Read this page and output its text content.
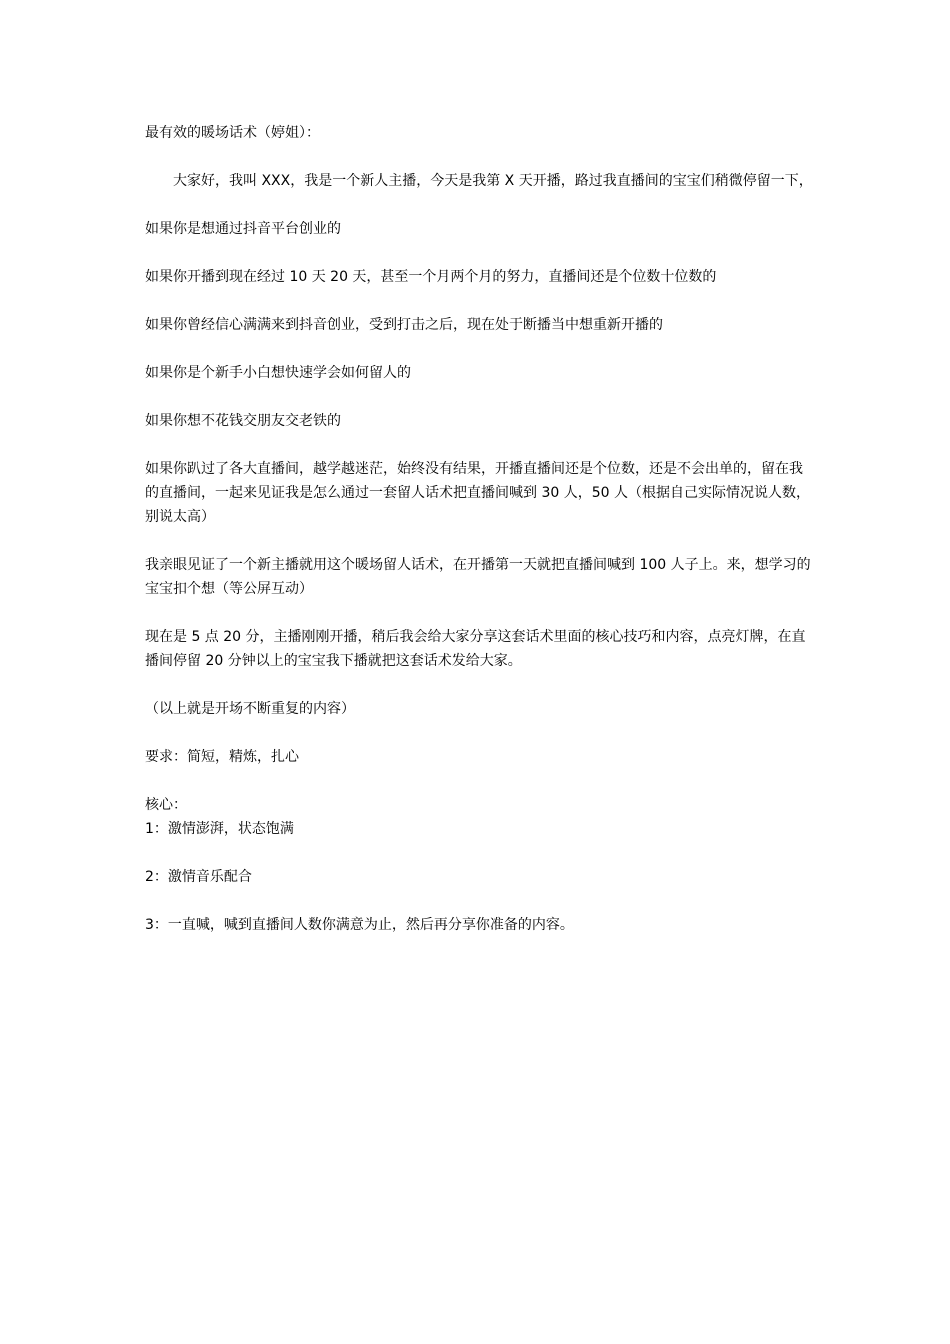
最有效的暖场话术（婷姐）：

大家好，我叫 XXX，我是一个新人主播，今天是我第 X 天开播，路过我直播间的宝宝们稍微停留一下，

如果你是想通过抖音平台创业的

如果你开播到现在经过 10 天 20 天，甚至一个月两个月的努力，直播间还是个位数十位数的

如果你曾经信心满满来到抖音创业，受到打击之后，现在处于断播当中想重新开播的

如果你是个新手小白想快速学会如何留人的

如果你想不花钱交朋友交老铁的

如果你趴过了各大直播间，越学越迷茫，始终没有结果，开播直播间还是个位数，还是不会出单的，留在我的直播间，一起来见证我是怎么通过一套留人话术把直播间喊到 30 人，50 人（根据自己实际情况说人数，别说太高）

我亲眼见证了一个新主播就用这个暖场留人话术，在开播第一天就把直播间喊到 100 人子上。来，想学习的宝宝扣个想（等公屏互动）

现在是 5 点 20 分，主播刚刚开播，稍后我会给大家分享这套话术里面的核心技巧和内容，点亮灯牌，在直播间停留 20 分钟以上的宝宝我下播就把这套话术发给大家。

（以上就是开场不断重复的内容）

要求：简短，精炼，扎心

核心：

1：激情澎湃，状态饱满

2：激情音乐配合

3：一直喊，喊到直播间人数你满意为止，然后再分享你准备的内容。
